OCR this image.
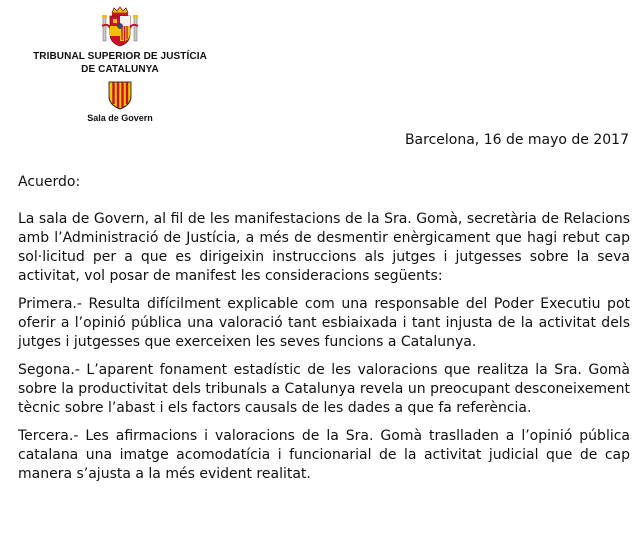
TRIBUNAL SUPERIOR DE JUSTÍCIA
DE CATALUNYA
Sala de Govern
Barcelona, 16 de mayo de 2017

Acuerdo:

La sala de Govern, al fil de les manifestacions de la Sra. Gomà, secretària de Relacions amb l’Administració de Justícia, a més de desmentir enèrgicament que hagi rebut cap sol·licitud per a que es dirigeixin instruccions als jutges i jutgesses sobre la seva activitat, vol posar de manifest les consideracions següents:

Primera.- Resulta difícilment explicable com una responsable del Poder Executiu pot oferir a l’opinió pública una valoració tant esbiaixada i tant injusta de la activitat dels jutges i jutgesses que exerceixen les seves funcions a Catalunya.

Segona.- L’aparent fonament estadístic de les valoracions que realitza la Sra. Gomà sobre la productivitat dels tribunals a Catalunya revela un preocupant desconeixement tècnic sobre l’abast i els factors causals de les dades a que fa referència.

Tercera.- Les afirmacions i valoracions de la Sra. Gomà traslladen a l’opinió pública catalana una imatge acomodatícia i funcionarial de la activitat judicial que de cap manera s’ajusta a la més evident realitat.
